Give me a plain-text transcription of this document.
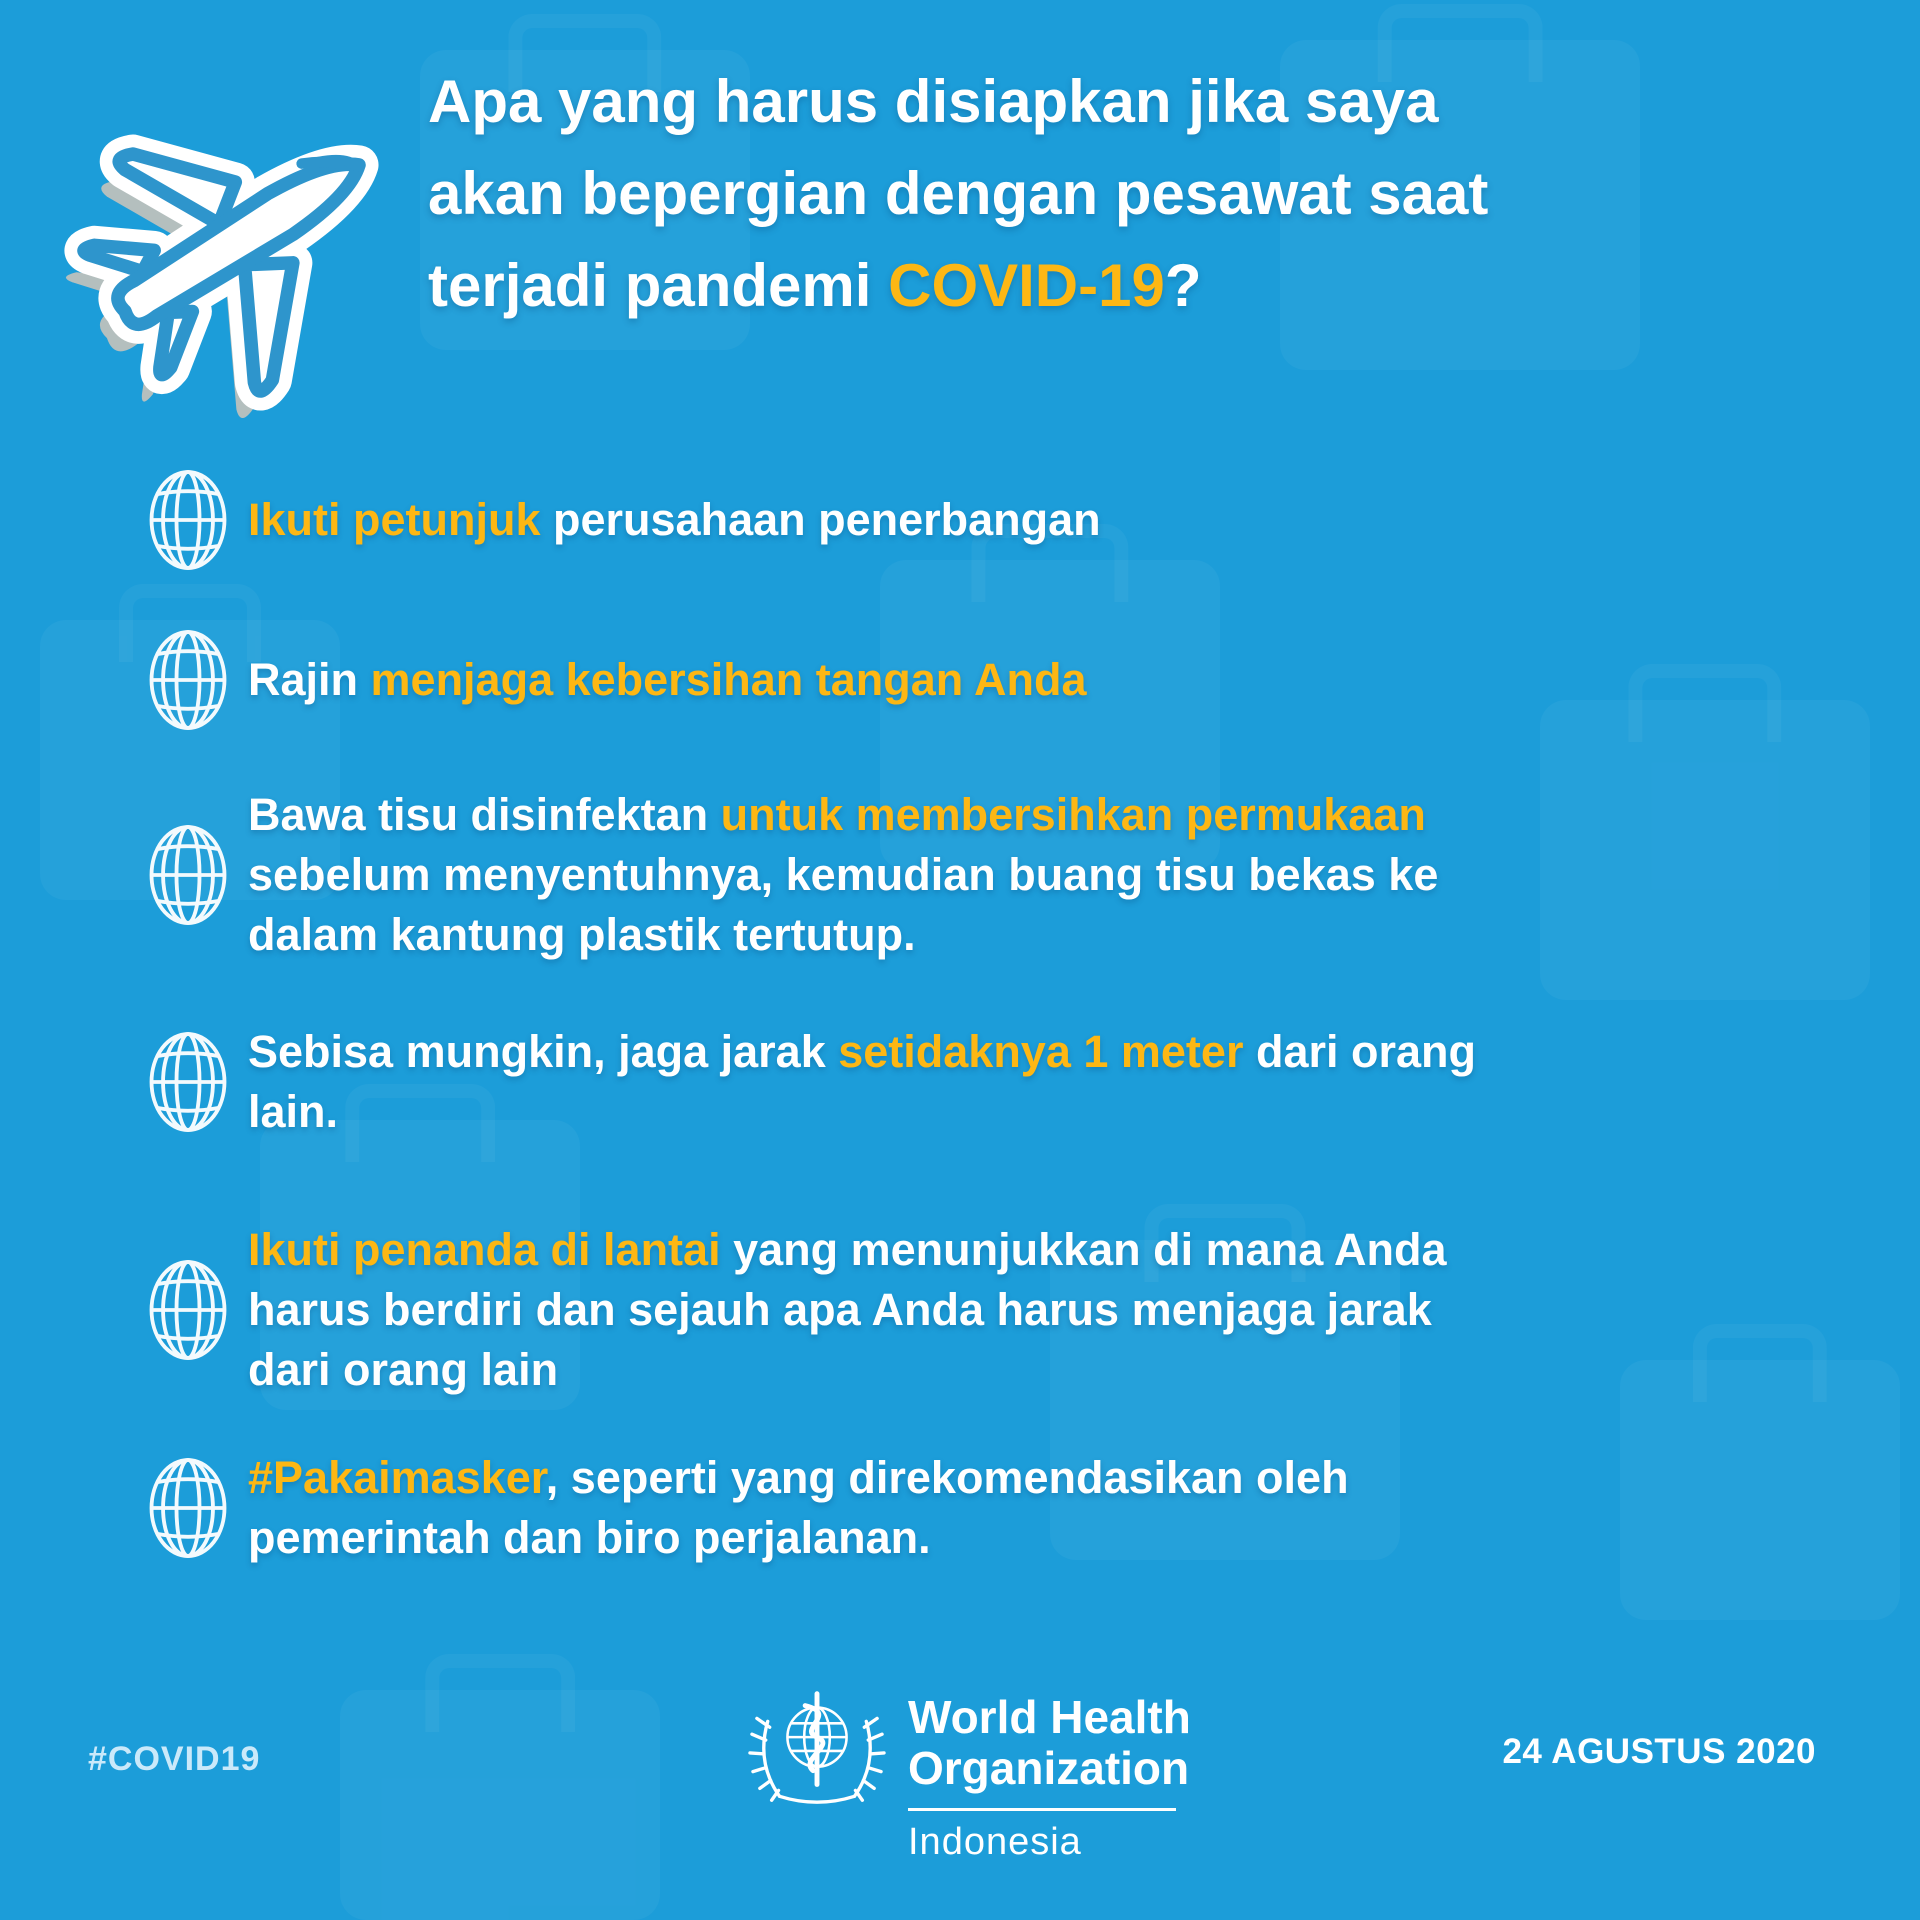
Apa yang harus disiapkan jika saya
akan bepergian dengan pesawat saat
terjadi pandemi COVID-19?
Ikuti petunjuk perusahaan penerbangan
Rajin menjaga kebersihan tangan Anda
Bawa tisu disinfektan untuk membersihkan permukaan
sebelum menyentuhnya, kemudian buang tisu bekas ke
dalam kantung plastik tertutup.
Sebisa mungkin, jaga jarak setidaknya 1 meter dari orang
lain.
Ikuti penanda di lantai yang menunjukkan di mana Anda
harus berdiri dan sejauh apa Anda harus menjaga jarak
dari orang lain
#Pakaimasker, seperti yang direkomendasikan oleh
pemerintah dan biro perjalanan.
#COVID19
World Health
Organization
Indonesia
24 AGUSTUS 2020
